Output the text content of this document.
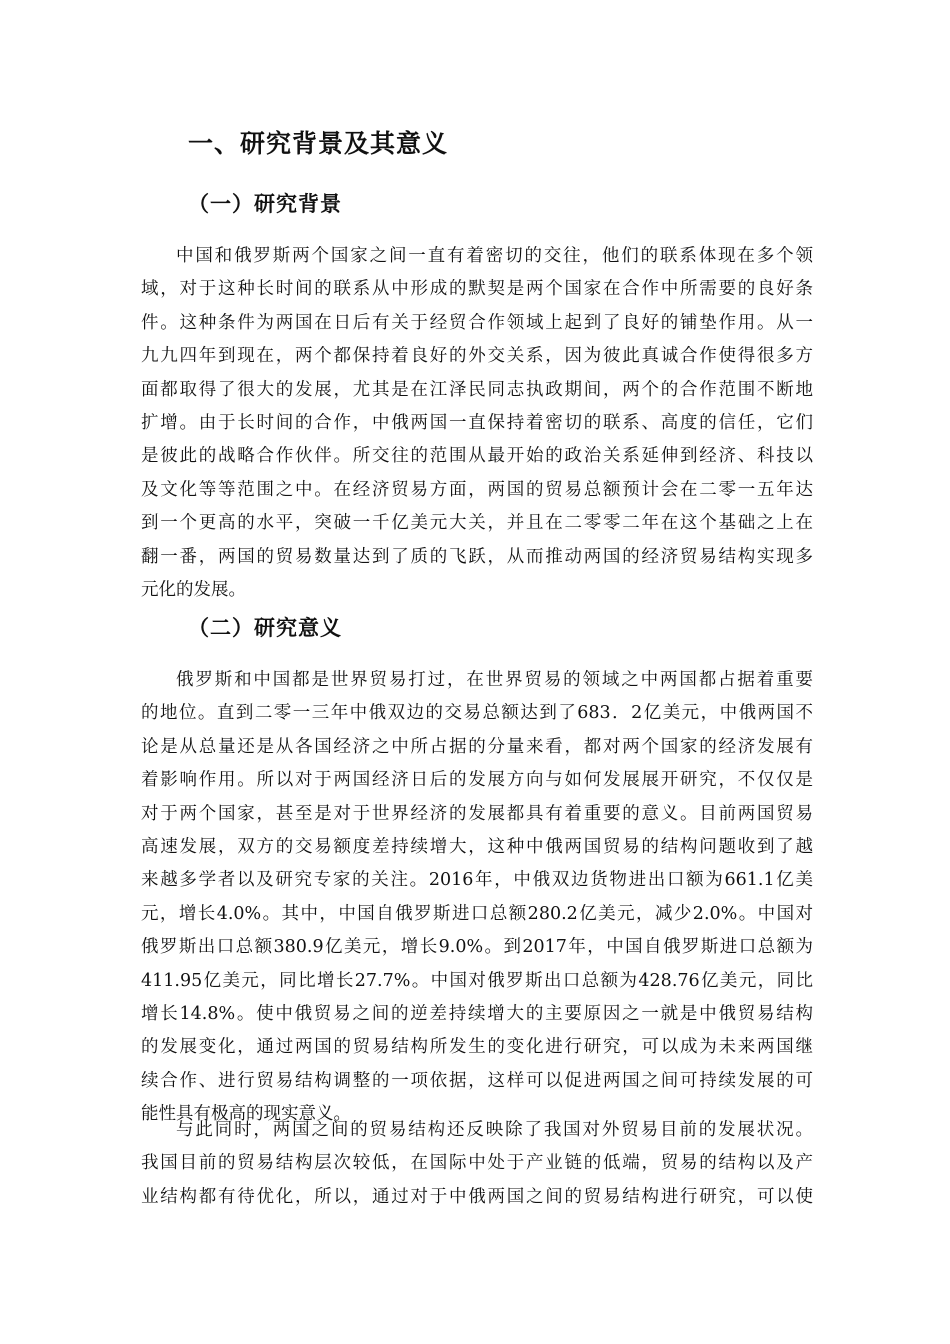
一、研究背景及其意义
（一）研究背景
中国和俄罗斯两个国家之间一直有着密切的交往，他们的联系体现在多个领
域，对于这种长时间的联系从中形成的默契是两个国家在合作中所需要的良好条
件。这种条件为两国在日后有关于经贸合作领域上起到了良好的铺垫作用。从一
九九四年到现在，两个都保持着良好的外交关系，因为彼此真诚合作使得很多方
面都取得了很大的发展，尤其是在江泽民同志执政期间，两个的合作范围不断地
扩增。由于长时间的合作，中俄两国一直保持着密切的联系、高度的信任，它们
是彼此的战略合作伙伴。所交往的范围从最开始的政治关系延伸到经济、科技以
及文化等等范围之中。在经济贸易方面，两国的贸易总额预计会在二零一五年达
到一个更高的水平，突破一千亿美元大关，并且在二零零二年在这个基础之上在
翻一番，两国的贸易数量达到了质的飞跃，从而推动两国的经济贸易结构实现多
元化的发展。
（二）研究意义
俄罗斯和中国都是世界贸易打过，在世界贸易的领域之中两国都占据着重要
的地位。直到二零一三年中俄双边的交易总额达到了683．2亿美元，中俄两国不
论是从总量还是从各国经济之中所占据的分量来看，都对两个国家的经济发展有
着影响作用。所以对于两国经济日后的发展方向与如何发展展开研究，不仅仅是
对于两个国家，甚至是对于世界经济的发展都具有着重要的意义。目前两国贸易
高速发展，双方的交易额度差持续增大，这种中俄两国贸易的结构问题收到了越
来越多学者以及研究专家的关注。2016年，中俄双边货物进出口额为661.1亿美
元，增长4.0%。其中，中国自俄罗斯进口总额280.2亿美元，减少2.0%。中国对
俄罗斯出口总额380.9亿美元，增长9.0%。到2017年，中国自俄罗斯进口总额为
411.95亿美元，同比增长27.7%。中国对俄罗斯出口总额为428.76亿美元，同比
增长14.8%。使中俄贸易之间的逆差持续增大的主要原因之一就是中俄贸易结构
的发展变化，通过两国的贸易结构所发生的变化进行研究，可以成为未来两国继
续合作、进行贸易结构调整的一项依据，这样可以促进两国之间可持续发展的可
能性具有极高的现实意义。
与此同时，两国之间的贸易结构还反映除了我国对外贸易目前的发展状况。
我国目前的贸易结构层次较低，在国际中处于产业链的低端，贸易的结构以及产
业结构都有待优化，所以，通过对于中俄两国之间的贸易结构进行研究，可以使
